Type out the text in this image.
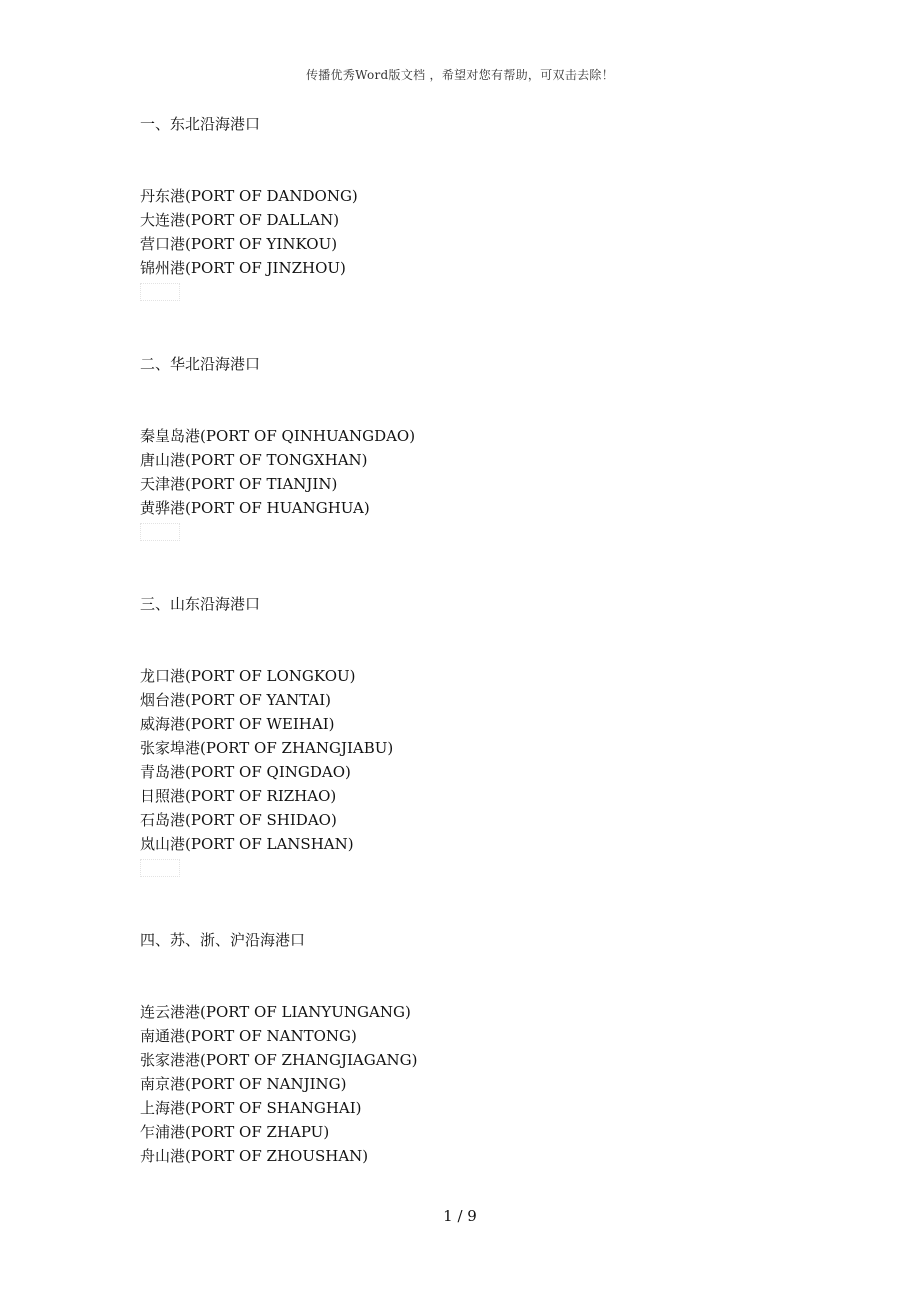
传播优秀Word版文档 ，希望对您有帮助，可双击去除！
一、东北沿海港口
丹东港(PORT OF DANDONG)
大连港(PORT OF DALLAN)
营口港(PORT OF YINKOU)
锦州港(PORT OF JINZHOU)
二、华北沿海港口
秦皇岛港(PORT OF QINHUANGDAO)
唐山港(PORT OF TONGXHAN)
天津港(PORT OF TIANJIN)
黄骅港(PORT OF HUANGHUA)
三、山东沿海港口
龙口港(PORT OF LONGKOU)
烟台港(PORT OF YANTAI)
威海港(PORT OF WEIHAI)
张家埠港(PORT OF ZHANGJIABU)
青岛港(PORT OF QINGDAO)
日照港(PORT OF RIZHAO)
石岛港(PORT OF SHIDAO)
岚山港(PORT OF LANSHAN)
四、苏、浙、沪沿海港口
连云港港(PORT OF LIANYUNGANG)
南通港(PORT OF NANTONG)
张家港港(PORT OF ZHANGJIAGANG)
南京港(PORT OF NANJING)
上海港(PORT OF SHANGHAI)
乍浦港(PORT OF ZHAPU)
舟山港(PORT OF ZHOUSHAN)
1 / 9
